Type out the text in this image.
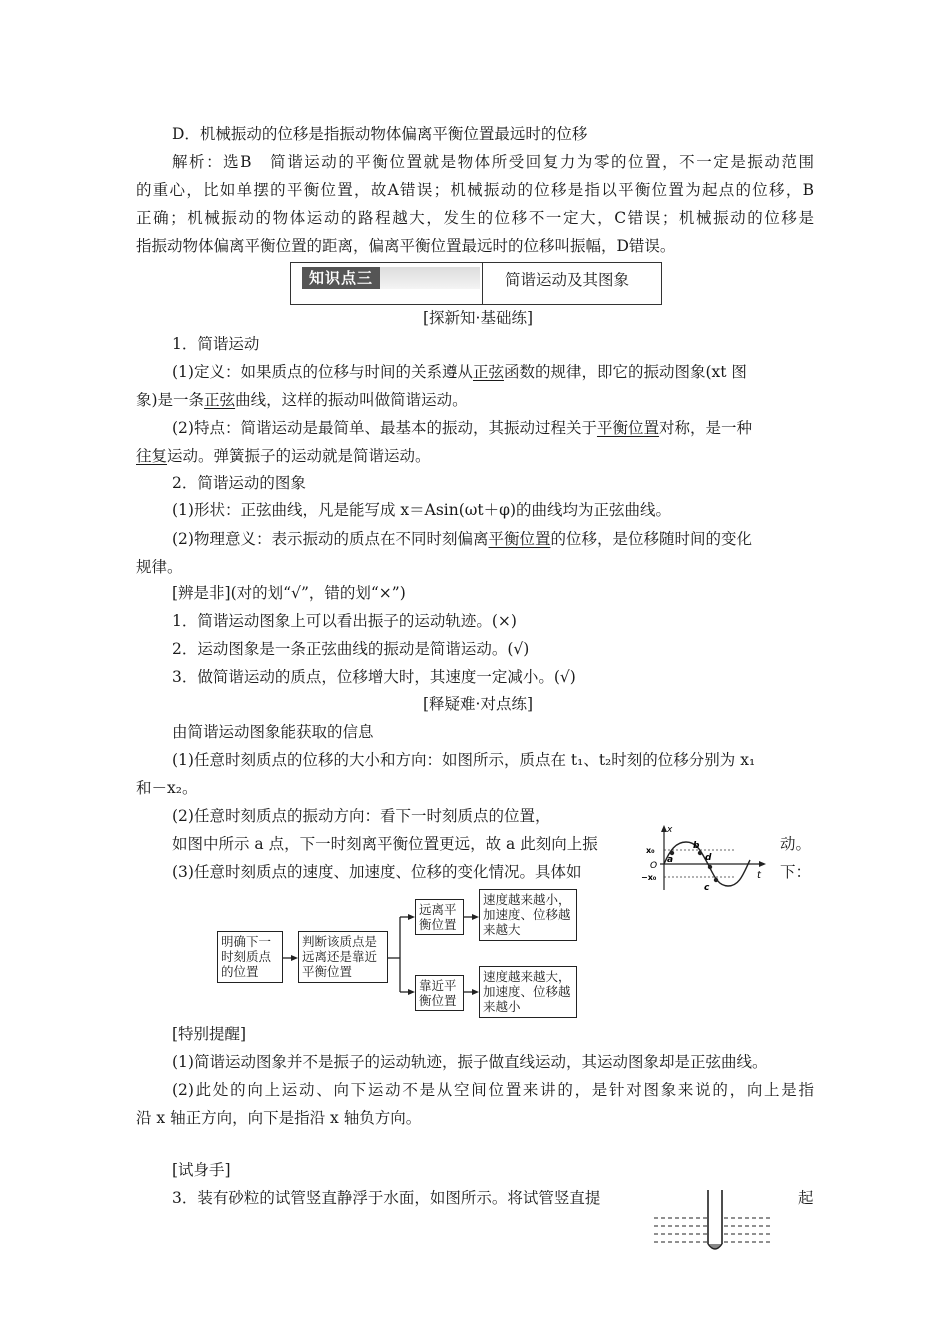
D．机械振动的位移是指振动物体偏离平衡位置最远时的位移
解析：选B　简谐运动的平衡位置就是物体所受回复力为零的位置，不一定是振动范围
的重心，比如单摆的平衡位置，故A错误；机械振动的位移是指以平衡位置为起点的位移，B
正确；机械振动的物体运动的路程越大，发生的位移不一定大，C错误；机械振动的位移是
指振动物体偏离平衡位置的距离，偏离平衡位置最远时的位移叫振幅，D错误。
知识点三	简谐运动及其图象
[探新知·基础练]
1．简谐运动
(1)定义：如果质点的位移与时间的关系遵从正弦函数的规律，即它的振动图象(xt 图
象)是一条正弦曲线，这样的振动叫做简谐运动。
(2)特点：简谐运动是最简单、最基本的振动，其振动过程关于平衡位置对称，是一种
往复运动。弹簧振子的运动就是简谐运动。
2．简谐运动的图象
(1)形状：正弦曲线，凡是能写成 x＝Asin(ωt＋φ)的曲线均为正弦曲线。
(2)物理意义：表示振动的质点在不同时刻偏离平衡位置的位移，是位移随时间的变化
规律。
[辨是非](对的划“√”，错的划“×”)
1．简谐运动图象上可以看出振子的运动轨迹。(×)
2．运动图象是一条正弦曲线的振动是简谐运动。(√)
3．做简谐运动的质点，位移增大时，其速度一定减小。(√)
[释疑难·对点练]
由简谐运动图象能获取的信息
(1)任意时刻质点的位移的大小和方向：如图所示，质点在 t₁、t₂时刻的位移分别为 x₁
和－x₂。
(2)任意时刻质点的振动方向：看下一时刻质点的位置，
如图中所示 a 点，下一时刻离平衡位置更远，故 a 此刻向上振	动。
(3)任意时刻质点的速度、加速度、位移的变化情况。具体如	下：
x
t
O
x₀
−x₀
a
b
d
c
明确下一时刻质点的位置
判断该质点是远离还是靠近平衡位置
远离平衡位置
速度越来越小，加速度、位移越来越大
靠近平衡位置
速度越来越大，加速度、位移越来越小
[特别提醒]
(1)简谐运动图象并不是振子的运动轨迹，振子做直线运动，其运动图象却是正弦曲线。
(2)此处的向上运动、向下运动不是从空间位置来讲的，是针对图象来说的，向上是指
沿 x 轴正方向，向下是指沿 x 轴负方向。
[试身手]
3．装有砂粒的试管竖直静浮于水面，如图所示。将试管竖直提	起
